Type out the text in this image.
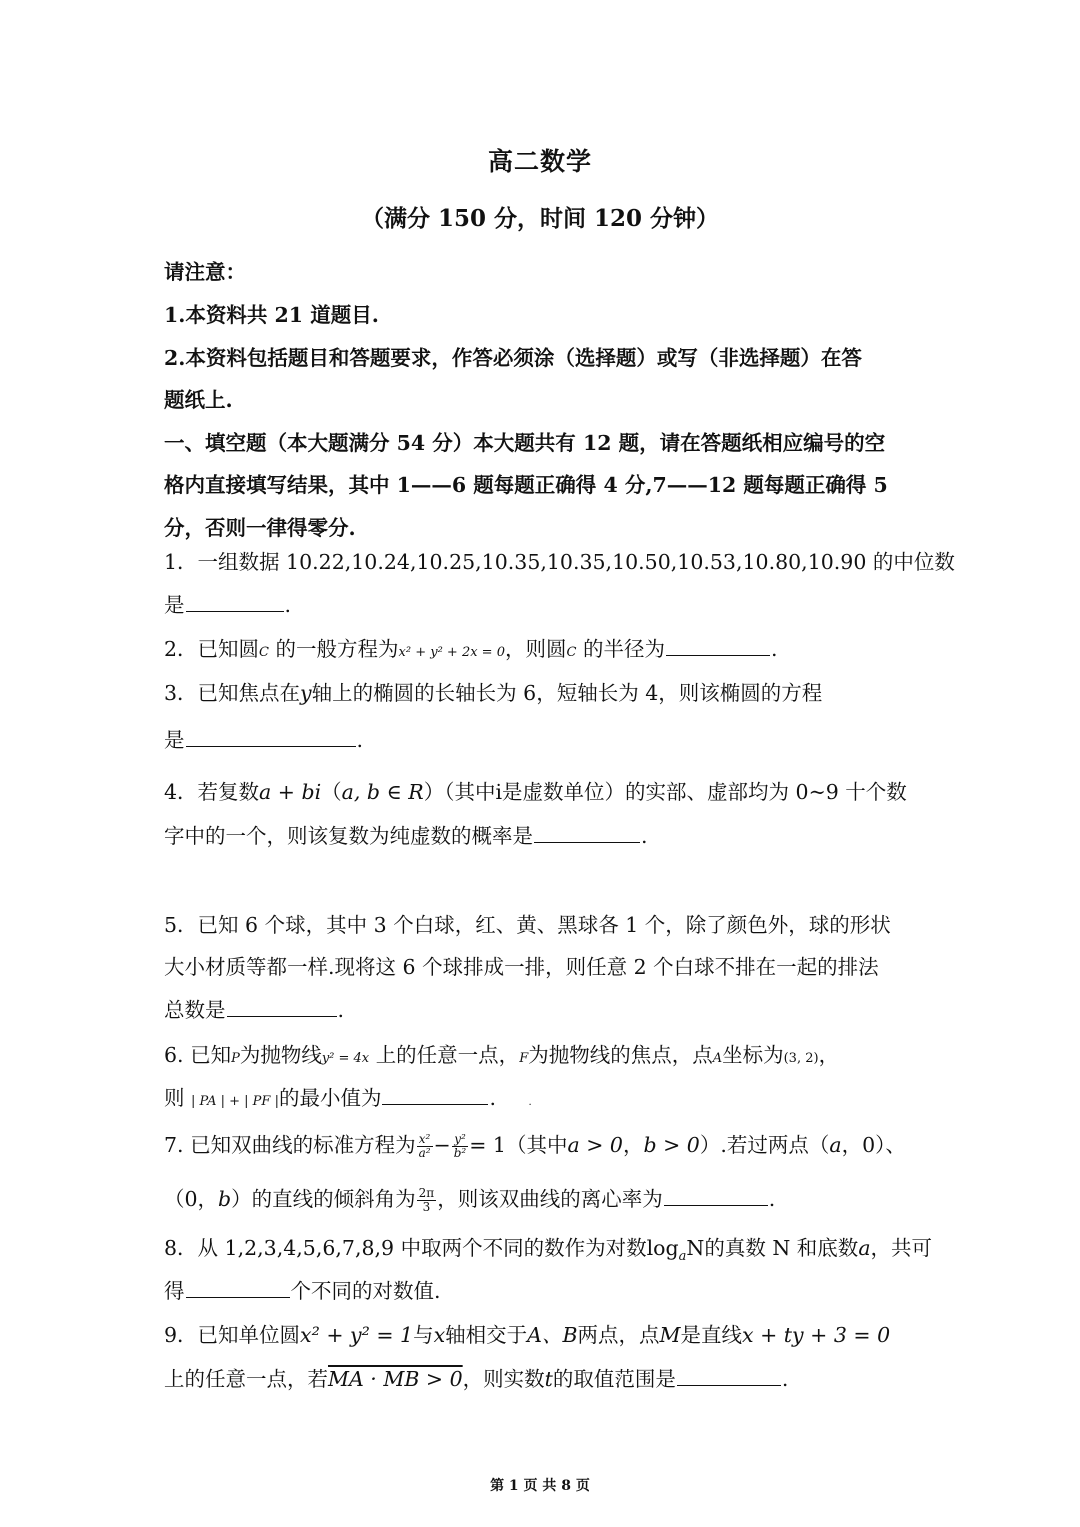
高二数学
（满分 150 分，时间 120 分钟）
请注意：
1.本资料共 21 道题目.
2.本资料包括题目和答题要求，作答必须涂（选择题）或写（非选择题）在答
题纸上.
一、填空题（本大题满分 54 分）本大题共有 12 题，请在答题纸相应编号的空
格内直接填写结果，其中 1——6 题每题正确得 4 分,7——12 题每题正确得 5
分，否则一律得零分.
1．一组数据 10.22,10.24,10.25,10.35,10.35,10.50,10.53,10.80,10.90 的中位数
是	.
2．已知圆C 的一般方程为x² + y² + 2x = 0，则圆C 的半径为	.
3．已知焦点在y轴上的椭圆的长轴长为 6，短轴长为 4，则该椭圆的方程
是	.
4．若复数a + bi（a, b ∈ R）（其中i是虚数单位）的实部、虚部均为 0~9 十个数
字中的一个，则该复数为纯虚数的概率是	.
5．已知 6 个球，其中 3 个白球，红、黄、黑球各 1 个，除了颜色外，球的形状
大小材质等都一样.现将这 6 个球排成一排，则任意 2 个白球不排在一起的排法
总数是	.
6. 已知P为抛物线y² = 4x 上的任意一点，F为抛物线的焦点，点A坐标为(3, 2)，
则 | PA | + | PF |的最小值为	.	.
7. 已知双曲线的标准方程为 $\frac{\text{x²}}{\text{a²}} - \frac{\text{y²}}{\text{b²}} = 1$（其中a > 0，b > 0）.若过两点（a，0）、
（0，b）的直线的倾斜角为 $\frac{2\pi}{3}$ ，则该双曲线的离心率为	.
8．从 1,2,3,4,5,6,7,8,9 中取两个不同的数作为对数$\log_aN$的真数 N 和底数a，共可
得	个不同的对数值.
9．已知单位圆x² + y² = 1与x轴相交于A、B两点，点M是直线x + ty + 3 = 0
上的任意一点，若MA · MB > 0，则实数t的取值范围是	.
第 1 页 共 8 页
